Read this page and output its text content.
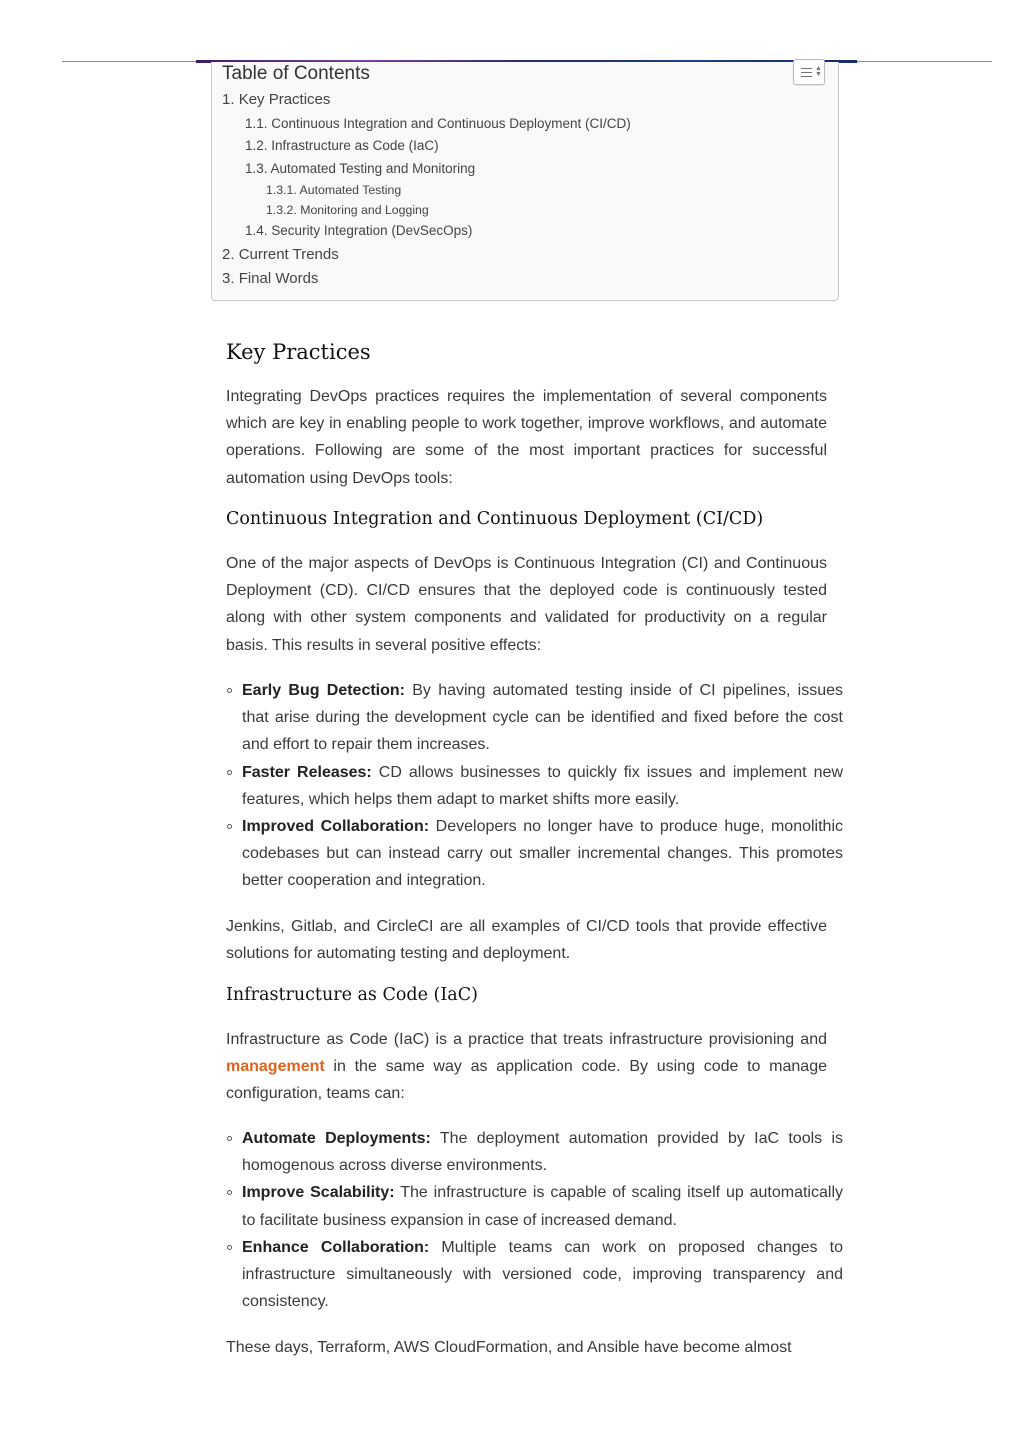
Table of Contents	▲
▼
1. Key Practices
1.1. Continuous Integration and Continuous Deployment (CI/CD)
1.2. Infrastructure as Code (IaC)
1.3. Automated Testing and Monitoring
1.3.1. Automated Testing
1.3.2. Monitoring and Logging
1.4. Security Integration (DevSecOps)
2. Current Trends
3. Final Words
Key Practices

Integrating DevOps practices requires the implementation of several components which are key in enabling people to work together, improve workflows, and automate operations. Following are some of the most important practices for successful automation using DevOps tools:

Continuous Integration and Continuous Deployment (CI/CD)

One of the major aspects of DevOps is Continuous Integration (CI) and Continuous Deployment (CD). CI/CD ensures that the deployed code is continuously tested along with other system components and validated for productivity on a regular basis. This results in several positive effects:

Early Bug Detection: By having automated testing inside of CI pipelines, issues that arise during the development cycle can be identified and fixed before the cost and effort to repair them increases.
Faster Releases: CD allows businesses to quickly fix issues and implement new features, which helps them adapt to market shifts more easily.
Improved Collaboration: Developers no longer have to produce huge, monolithic codebases but can instead carry out smaller incremental changes. This promotes better cooperation and integration.

Jenkins, Gitlab, and CircleCI are all examples of CI/CD tools that provide effective solutions for automating testing and deployment.

Infrastructure as Code (IaC)

Infrastructure as Code (IaC) is a practice that treats infrastructure provisioning and management in the same way as application code. By using code to manage configuration, teams can:

Automate Deployments: The deployment automation provided by IaC tools is homogenous across diverse environments.
Improve Scalability: The infrastructure is capable of scaling itself up automatically to facilitate business expansion in case of increased demand.
Enhance Collaboration: Multiple teams can work on proposed changes to infrastructure simultaneously with versioned code, improving transparency and consistency.

These days, Terraform, AWS CloudFormation, and Ansible have become almost
